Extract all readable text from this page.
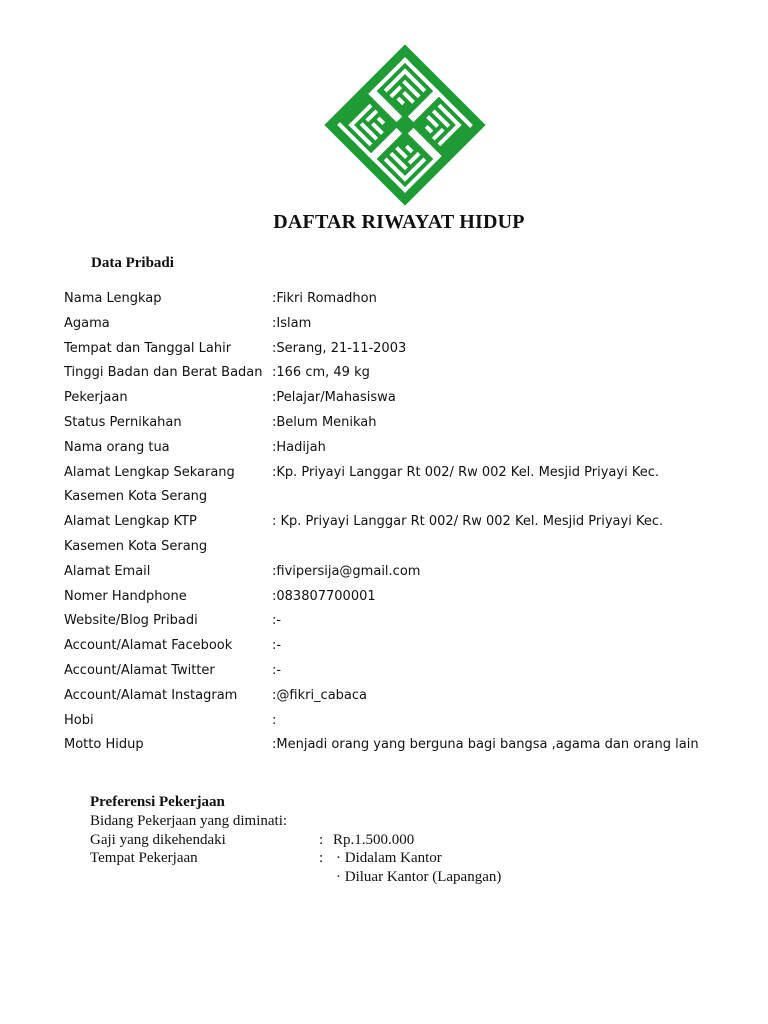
DAFTAR RIWAYAT HIDUP
Data Pribadi
Nama Lengkap	:Fikri Romadhon
Agama	:Islam
Tempat dan Tanggal Lahir	:Serang, 21-11-2003
Tinggi Badan dan Berat Badan :166 cm, 49 kg
Pekerjaan	:Pelajar/Mahasiswa
Status Pernikahan	:Belum Menikah
Nama orang tua	:Hadijah
Alamat Lengkap Sekarang	:Kp. Priyayi Langgar Rt 002/ Rw 002 Kel. Mesjid Priyayi Kec.
Kasemen Kota Serang
Alamat Lengkap KTP	: Kp. Priyayi Langgar Rt 002/ Rw 002 Kel. Mesjid Priyayi Kec.
Kasemen Kota Serang
Alamat Email	:fivipersija@gmail.com
Nomer Handphone	:083807700001
Website/Blog Pribadi	:-
Account/Alamat Facebook	:-
Account/Alamat Twitter	:-
Account/Alamat Instagram	:@fikri_cabaca
Hobi	:
Motto Hidup	:Menjadi orang yang berguna bagi bangsa ,agama dan orang lain
Preferensi Pekerjaan
Bidang Pekerjaan yang diminati:
Gaji yang dikehendaki	: Rp.1.500.000
Tempat Pekerjaan	: · Didalam Kantor
· Diluar Kantor (Lapangan)
